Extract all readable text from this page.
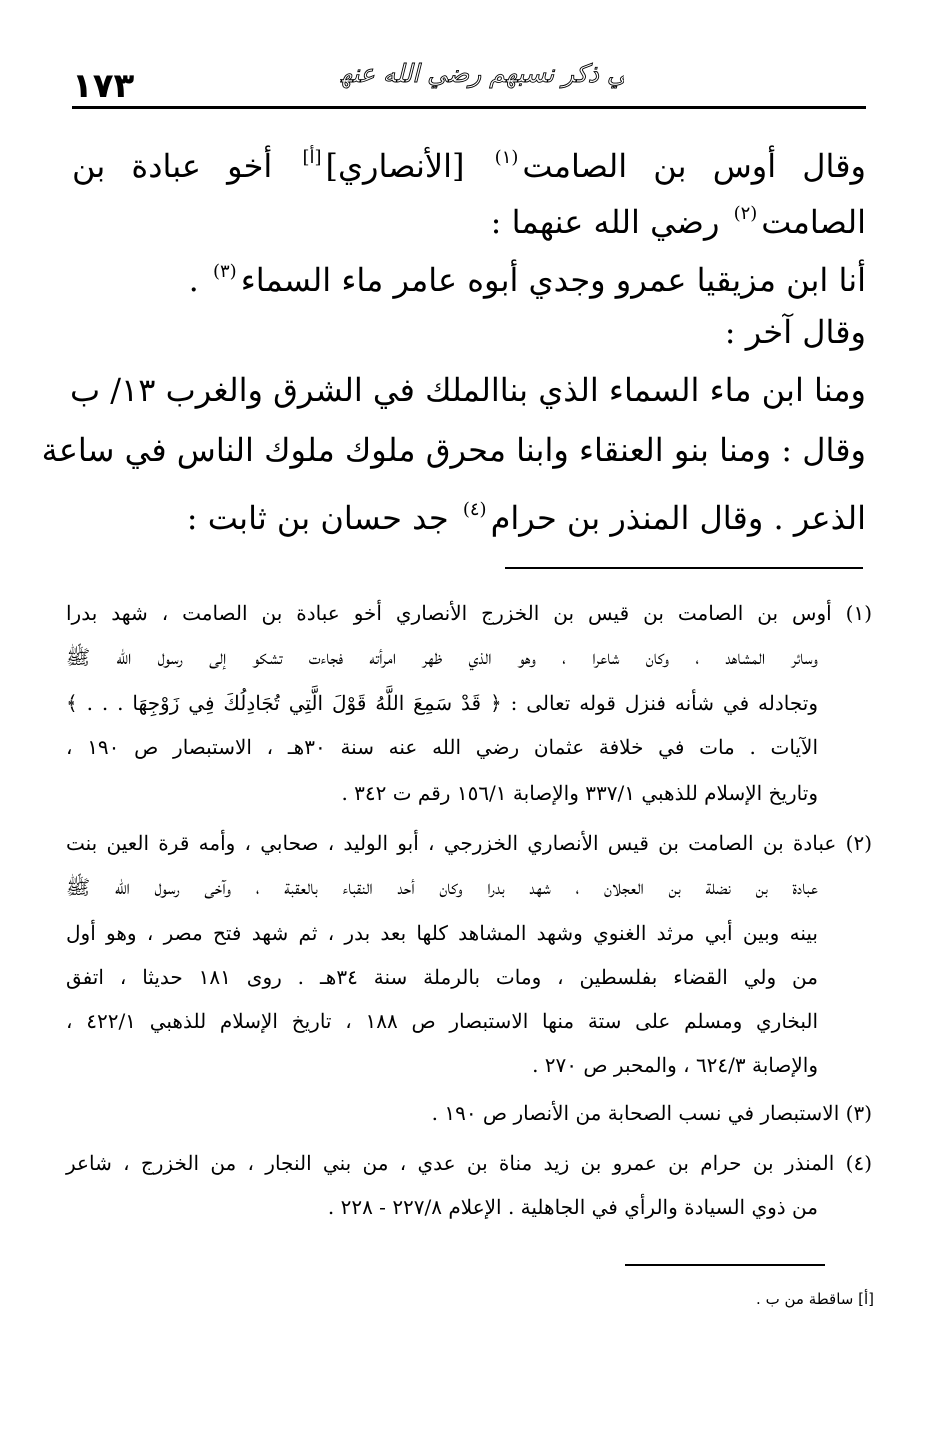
١٧٣	في ذكر نسبهم رضي الله عنهم
وقال أوس بن الصامت$^{(١)}$ [الأنصاري][أ] أخو عبادة بن
الصامت$^{(٢)}$ رضي الله عنهما :
أنا ابن مزيقيا عمرو وجدي أبوه عامر ماء السماء$^{(٣)}$ .
وقال آخر :
ومنا ابن ماء السماء الذي بناالملك في الشرق والغرب ١٣/ ب
وقال : ومنا بنو العنقاء وابنا محرق ملوك ملوك الناس في ساعة
الذعر . وقال المنذر بن حرام$^{(٤)}$ جد حسان بن ثابت :
(١) أوس بن الصامت بن قيس بن الخزرج الأنصاري أخو عبادة بن الصامت ، شهد بدرا
وسائر المشاهد ، وكان شاعرا ، وهو الذي ظهر امرأته فجاءت تشكو إلى رسول الله ﷺ
وتجادله في شأنه فنزل قوله تعالى : ﴿ قَدْ سَمِعَ اللَّهُ قَوْلَ الَّتِي تُجَادِلُكَ فِي زَوْجِهَا . . . ﴾
الآيات . مات في خلافة عثمان رضي الله عنه سنة ٣٠هـ ، الاستبصار ص ١٩٠ ،
وتاريخ الإسلام للذهبي ٣٣٧/١ والإصابة ١٥٦/١ رقم ت ٣٤٢ .
(٢) عبادة بن الصامت بن قيس الأنصاري الخزرجي ، أبو الوليد ، صحابي ، وأمه قرة العين بنت
عبادة بن نضلة بن العجلان ، شهد بدرا وكان أحد النقباء بالعقبة ، وآخى رسول الله ﷺ
بينه وبين أبي مرثد الغنوي وشهد المشاهد كلها بعد بدر ، ثم شهد فتح مصر ، وهو أول
من ولي القضاء بفلسطين ، ومات بالرملة سنة ٣٤هـ . روى ١٨١ حديثا ، اتفق
البخاري ومسلم على ستة منها الاستبصار ص ١٨٨ ، تاريخ الإسلام للذهبي ٤٢٢/١ ،
والإصابة ٦٢٤/٣ ، والمحبر ص ٢٧٠ .
(٣) الاستبصار في نسب الصحابة من الأنصار ص ١٩٠ .
(٤) المنذر بن حرام بن عمرو بن زيد مناة بن عدي ، من بني النجار ، من الخزرج ، شاعر
من ذوي السيادة والرأي في الجاهلية . الإعلام ٢٢٧/٨ - ٢٢٨ .
[أ] ساقطة من ب .
